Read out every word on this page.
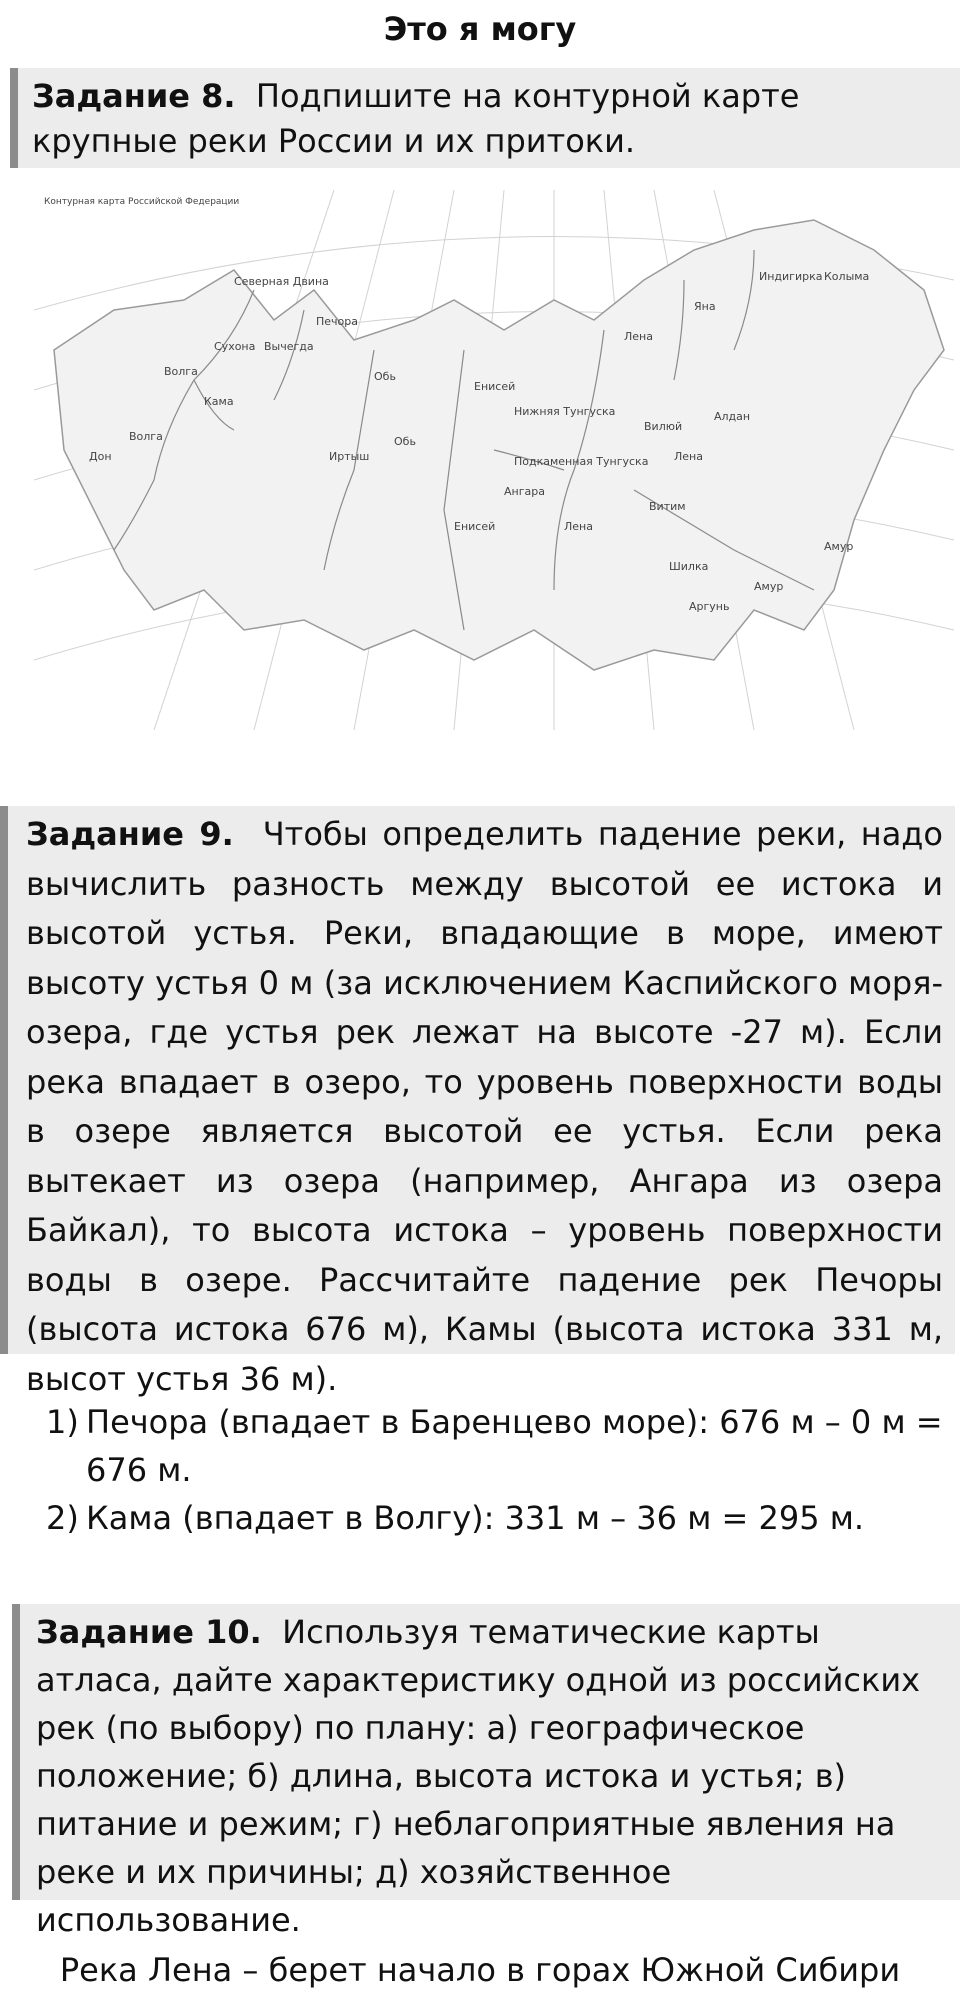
Это я могу
Задание 8. Подпишите на контурной карте крупные реки России и их притоки.
Контурная карта Российской Федерации
Северная Двина
Сухона Вычегда
Печора
Волга
Кама
Дон
Волга
Обь
Обь
Иртыш
Енисей
Енисей
Нижняя Тунгуска
Подкаменная Тунгуска
Ангара
Лена
Лена
Лена
Яна
Индигирка Колыма
Вилюй
Алдан
Витим
Шилка
Аргунь
Амур
Амур
Задание 9. Чтобы определить падение реки, надо вычислить разность между высотой ее истока и высотой устья. Реки, впадающие в море, имеют высоту устья 0 м (за исключением Каспийского моря-озера, где устья рек лежат на высоте -27 м). Если река впадает в озеро, то уровень поверхности воды в озере является высотой ее устья. Если река вытекает из озера (например, Ангара из озера Байкал), то высота истока – уровень поверхности воды в озере. Рассчитайте падение рек Печоры (высота истока 676 м), Камы (высота истока 331 м, высот устья 36 м).
1) Печора (впадает в Баренцево море): 676 м – 0 м = 676 м.
2) Кама (впадает в Волгу): 331 м – 36 м = 295 м.
Задание 10. Используя тематические карты атласа, дайте характеристику одной из российских рек (по выбору) по плану: а) географическое положение; б) длина, высота истока и устья; в) питание и режим; г) неблагоприятные явления на реке и их причины; д) хозяйственное использование.
Река Лена – берет начало в горах Южной Сибири
